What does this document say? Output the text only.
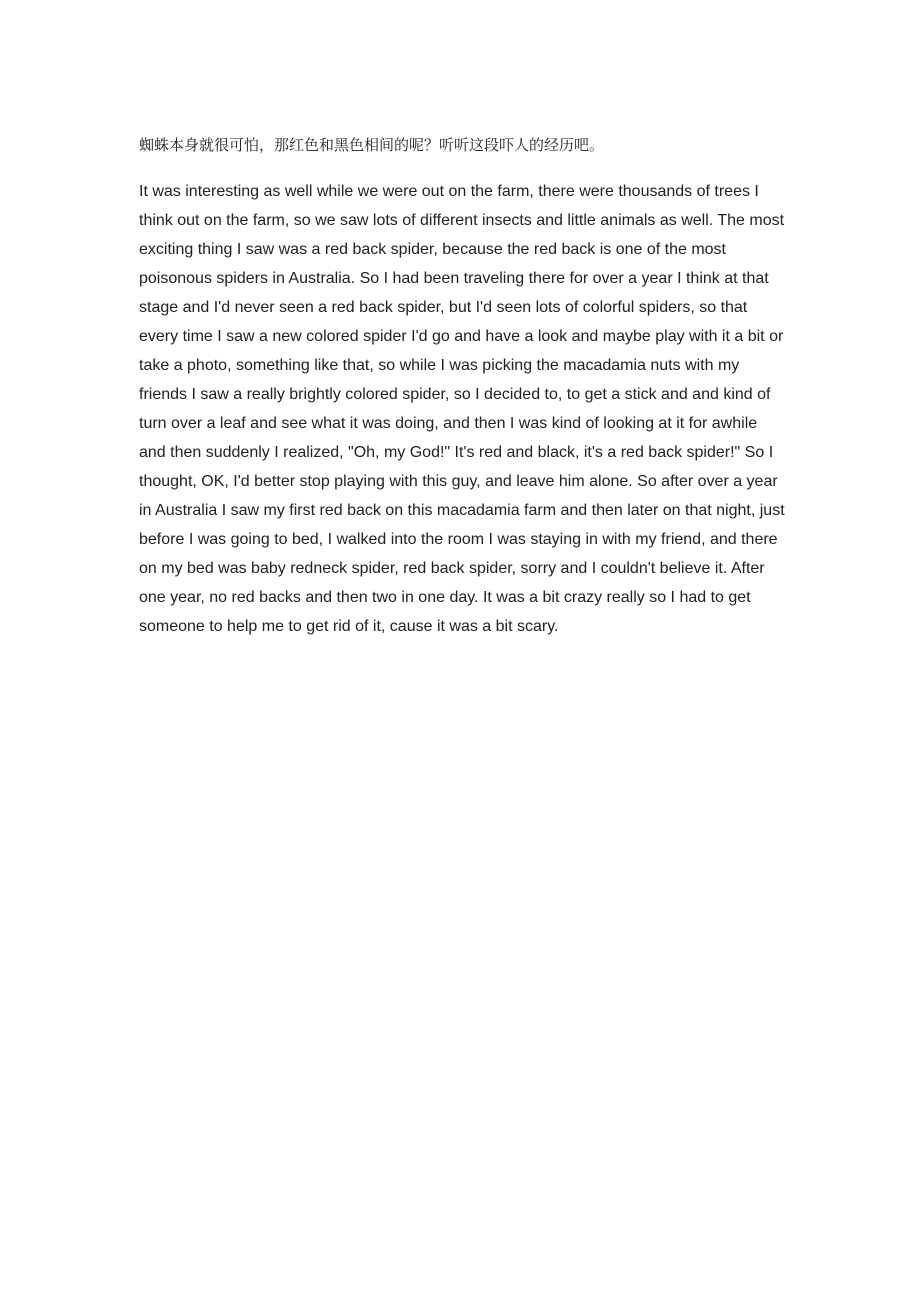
蜘蛛本身就很可怕，那红色和黑色相间的呢？听听这段吓人的经历吧。

It was interesting as well while we were out on the farm, there were thousands of trees I think out on the farm, so we saw lots of different insects and little animals as well. The most exciting thing I saw was a red back spider, because the red back is one of the most poisonous spiders in Australia. So I had been traveling there for over a year I think at that stage and I'd never seen a red back spider, but I'd seen lots of colorful spiders, so that every time I saw a new colored spider I'd go and have a look and maybe play with it a bit or take a photo, something like that, so while I was picking the macadamia nuts with my friends I saw a really brightly colored spider, so I decided to, to get a stick and and kind of turn over a leaf and see what it was doing, and then I was kind of looking at it for awhile and then suddenly I realized, "Oh, my God!" It's red and black, it's a red back spider!" So I thought, OK, I'd better stop playing with this guy, and leave him alone. So after over a year in Australia I saw my first red back on this macadamia farm and then later on that night, just before I was going to bed, I walked into the room I was staying in with my friend, and there on my bed was baby redneck spider, red back spider, sorry and I couldn't believe it. After one year, no red backs and then two in one day. It was a bit crazy really so I had to get someone to help me to get rid of it, cause it was a bit scary.
